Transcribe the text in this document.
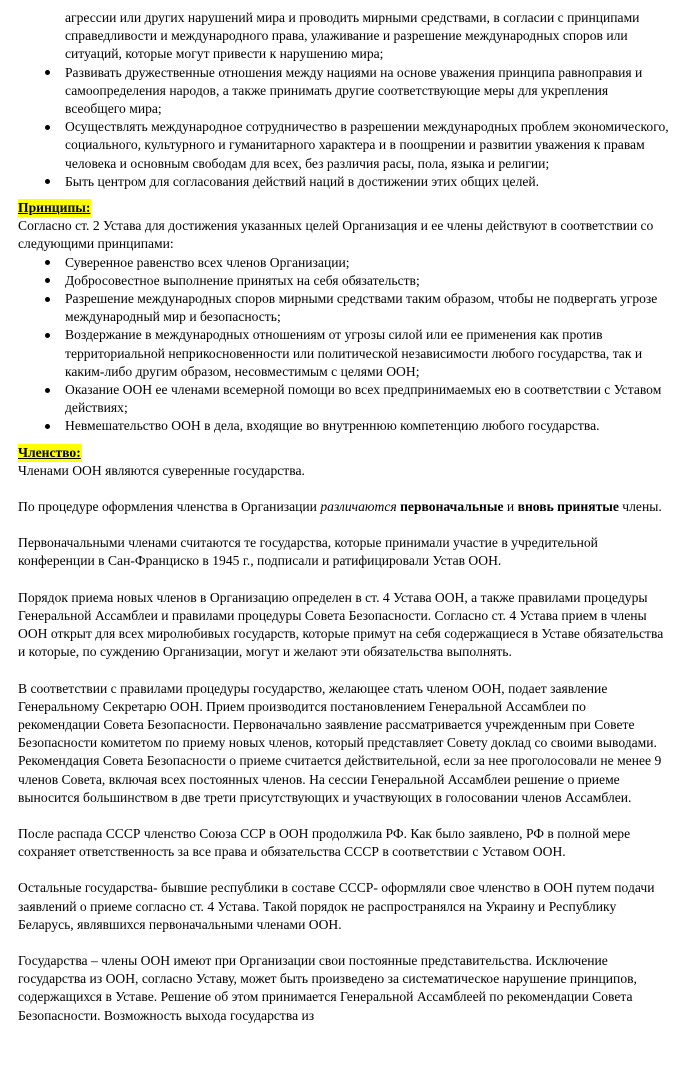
агрессии или других нарушений мира и проводить мирными средствами, в согласии с принципами справедливости и международного права, улаживание и разрешение международных споров или ситуаций, которые могут привести к нарушению мира;
Развивать дружественные отношения между нациями на основе уважения принципа равноправия и самоопределения народов, а также принимать другие соответствующие меры для укрепления всеобщего мира;
Осуществлять международное сотрудничество в разрешении международных проблем экономического, социального, культурного и гуманитарного характера и в поощрении и развитии уважения к правам человека и основным свободам для всех, без различия расы, пола, языка и религии;
Быть центром для согласования действий наций в достижении этих общих целей.

Принципы:

Согласно ст. 2 Устава для достижения указанных целей Организация и ее члены действуют в соответствии со следующими принципами:

Суверенное равенство всех членов Организации;
Добросовестное выполнение принятых на себя обязательств;
Разрешение международных споров мирными средствами таким образом, чтобы не подвергать угрозе международный мир и безопасность;
Воздержание в международных отношениям от угрозы силой или ее применения как против территориальной неприкосновенности или политической независимости любого государства, так и каким-либо другим образом, несовместимым с целями ООН;
Оказание ООН ее членами всемерной помощи во всех предпринимаемых ею в соответствии с Уставом действиях;
Невмешательство ООН в дела, входящие во внутреннюю компетенцию любого государства.

Членство:

Членами ООН являются суверенные государства.

По процедуре оформления членства в Организации различаются первоначальные и вновь принятые члены.

Первоначальными членами считаются те государства, которые принимали участие в учредительной конференции в Сан-Франциско в 1945 г., подписали и ратифицировали Устав ООН.

Порядок приема новых членов в Организацию определен в ст. 4 Устава ООН, а также правилами процедуры Генеральной Ассамблеи и правилами процедуры Совета Безопасности. Согласно ст. 4 Устава прием в члены ООН открыт для всех миролюбивых государств, которые примут на себя содержащиеся в Уставе обязательства и которые, по суждению Организации, могут и желают эти обязательства выполнять.

В соответствии с правилами процедуры государство, желающее стать членом ООН, подает заявление Генеральному Секретарю ООН. Прием производится постановлением Генеральной Ассамблеи по рекомендации Совета Безопасности. Первоначально заявление рассматривается учрежденным при Совете Безопасности комитетом по приему новых членов, который представляет Совету доклад со своими выводами. Рекомендация Совета Безопасности о приеме считается действительной, если за нее проголосовали не менее 9 членов Совета, включая всех постоянных членов. На сессии Генеральной Ассамблеи решение о приеме выносится большинством в две трети присутствующих и участвующих в голосовании членов Ассамблеи.

После распада СССР членство Союза ССР в ООН продолжила РФ. Как было заявлено, РФ в полной мере сохраняет ответственность за все права и обязательства СССР в соответствии с Уставом ООН.

Остальные государства- бывшие республики в составе СССР- оформляли свое членство в ООН путем подачи заявлений о приеме согласно ст. 4 Устава. Такой порядок не распространялся на Украину и Республику Беларусь, являвшихся первоначальными членами ООН.

Государства – члены ООН имеют при Организации свои постоянные представительства. Исключение государства из ООН, согласно Уставу, может быть произведено за систематическое нарушение принципов, содержащихся в Уставе. Решение об этом принимается Генеральной Ассамблеей по рекомендации Совета Безопасности. Возможность выхода государства из
